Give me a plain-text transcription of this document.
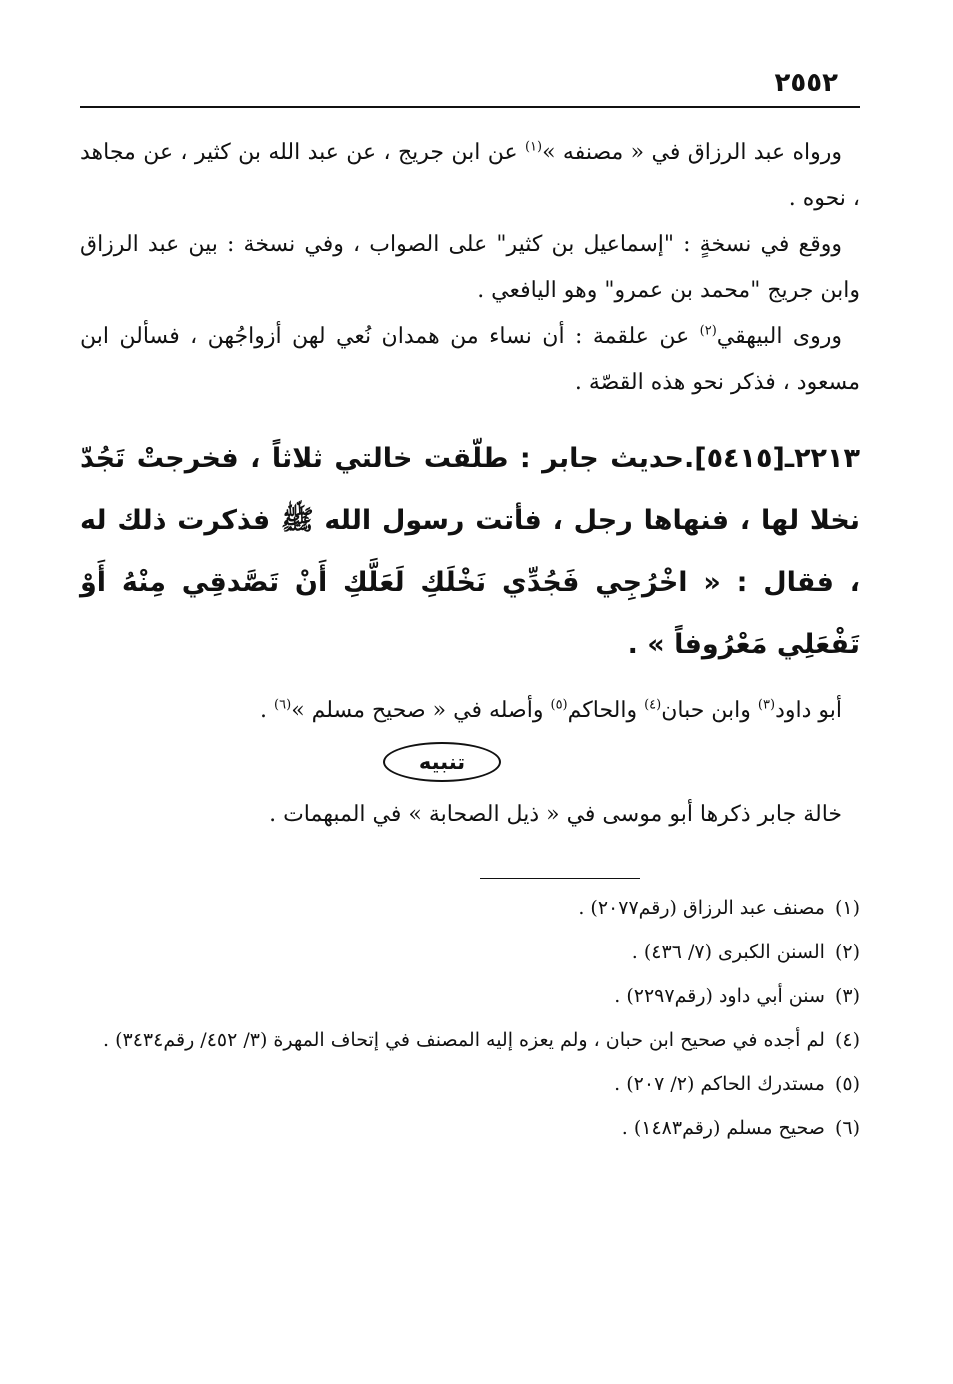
٢٥٥٢

ورواه عبد الرزاق في « مصنفه »$^{(١)}$ عن ابن جريج ، عن عبد الله بن كثير ، عن مجاهد ، نحوه .

ووقع في نسخةٍ : "إسماعيل بن كثير" على الصواب ، وفي نسخة : بين عبد الرزاق وابن جريج "محمد بن عمرو" وهو اليافعي .

وروى البيهقي$^{(٢)}$ عن علقمة : أن نساء من همدان نُعي لهن أزواجُهن ، فسألن ابن مسعود ، فذكر نحو هذه القصّة .

٢٢١٣ـ[٥٤١٥].حديث جابر : طلّقت خالتي ثلاثاً ، فخرجتْ تَجُدّ نخلا لها ، فنهاها رجل ، فأتت رسول الله ﷺ فذكرت ذلك له ، فقال : « اخْرُجِي فَجُدِّي نَخْلَكِ لَعَلَّكِ أَنْ تَصَّدقِي مِنْهُ أَوْ تَفْعَلِي مَعْرُوفاً » .

أبو داود$^{(٣)}$ وابن حبان$^{(٤)}$ والحاكم$^{(٥)}$ وأصله في « صحيح مسلم »$^{(٦)}$ .

تنبيه

خالة جابر ذكرها أبو موسى في « ذيل الصحابة » في المبهمات .

(١)
مصنف عبد الرزاق (رقم٢٠٧٧) .
(٢)
السنن الكبرى (٧/ ٤٣٦) .
(٣)
سنن أبي داود (رقم٢٢٩٧) .
(٤)
لم أجده في صحيح ابن حبان ، ولم يعزه إليه المصنف في إتحاف المهرة (٣/ ٤٥٢/ رقم٣٤٣٤) .
(٥)
مستدرك الحاكم (٢/ ٢٠٧) .
(٦)
صحيح مسلم (رقم١٤٨٣) .
